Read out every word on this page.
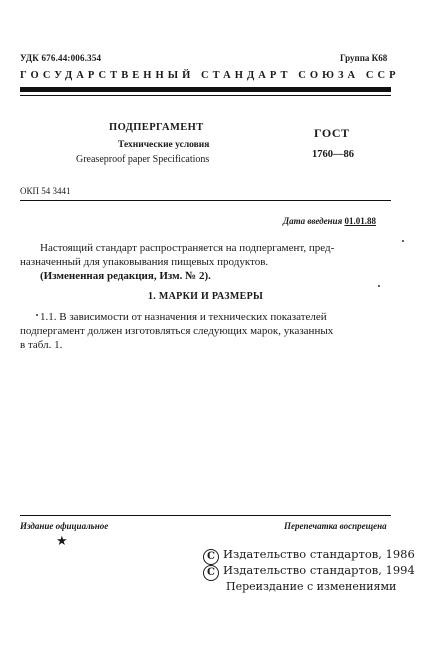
УДК 676.44:006.354	Группа К68
ГОСУДАРСТВЕННЫЙ СТАНДАРТ СОЮЗА ССР
ПОДПЕРГАМЕНТ
Технические условия
Greaseproof paper Specifications
ГОСТ
1760—86
ОКП 54 3441
Дата введения 01.01.88
Настоящий стандарт распространяется на подпергамент, пред-
назначенный для упаковывания пищевых продуктов.
(Измененная редакция, Изм. № 2).
1. МАРКИ И РАЗМЕРЫ
1.1. В зависимости от назначения и технических показателей
подпергамент должен изготовляться следующих марок, указанных
в табл. 1.
Издание официальное	Перепечатка воспрещена
★
C Издательство стандартов, 1986
C Издательство стандартов, 1994
Переиздание с изменениями
